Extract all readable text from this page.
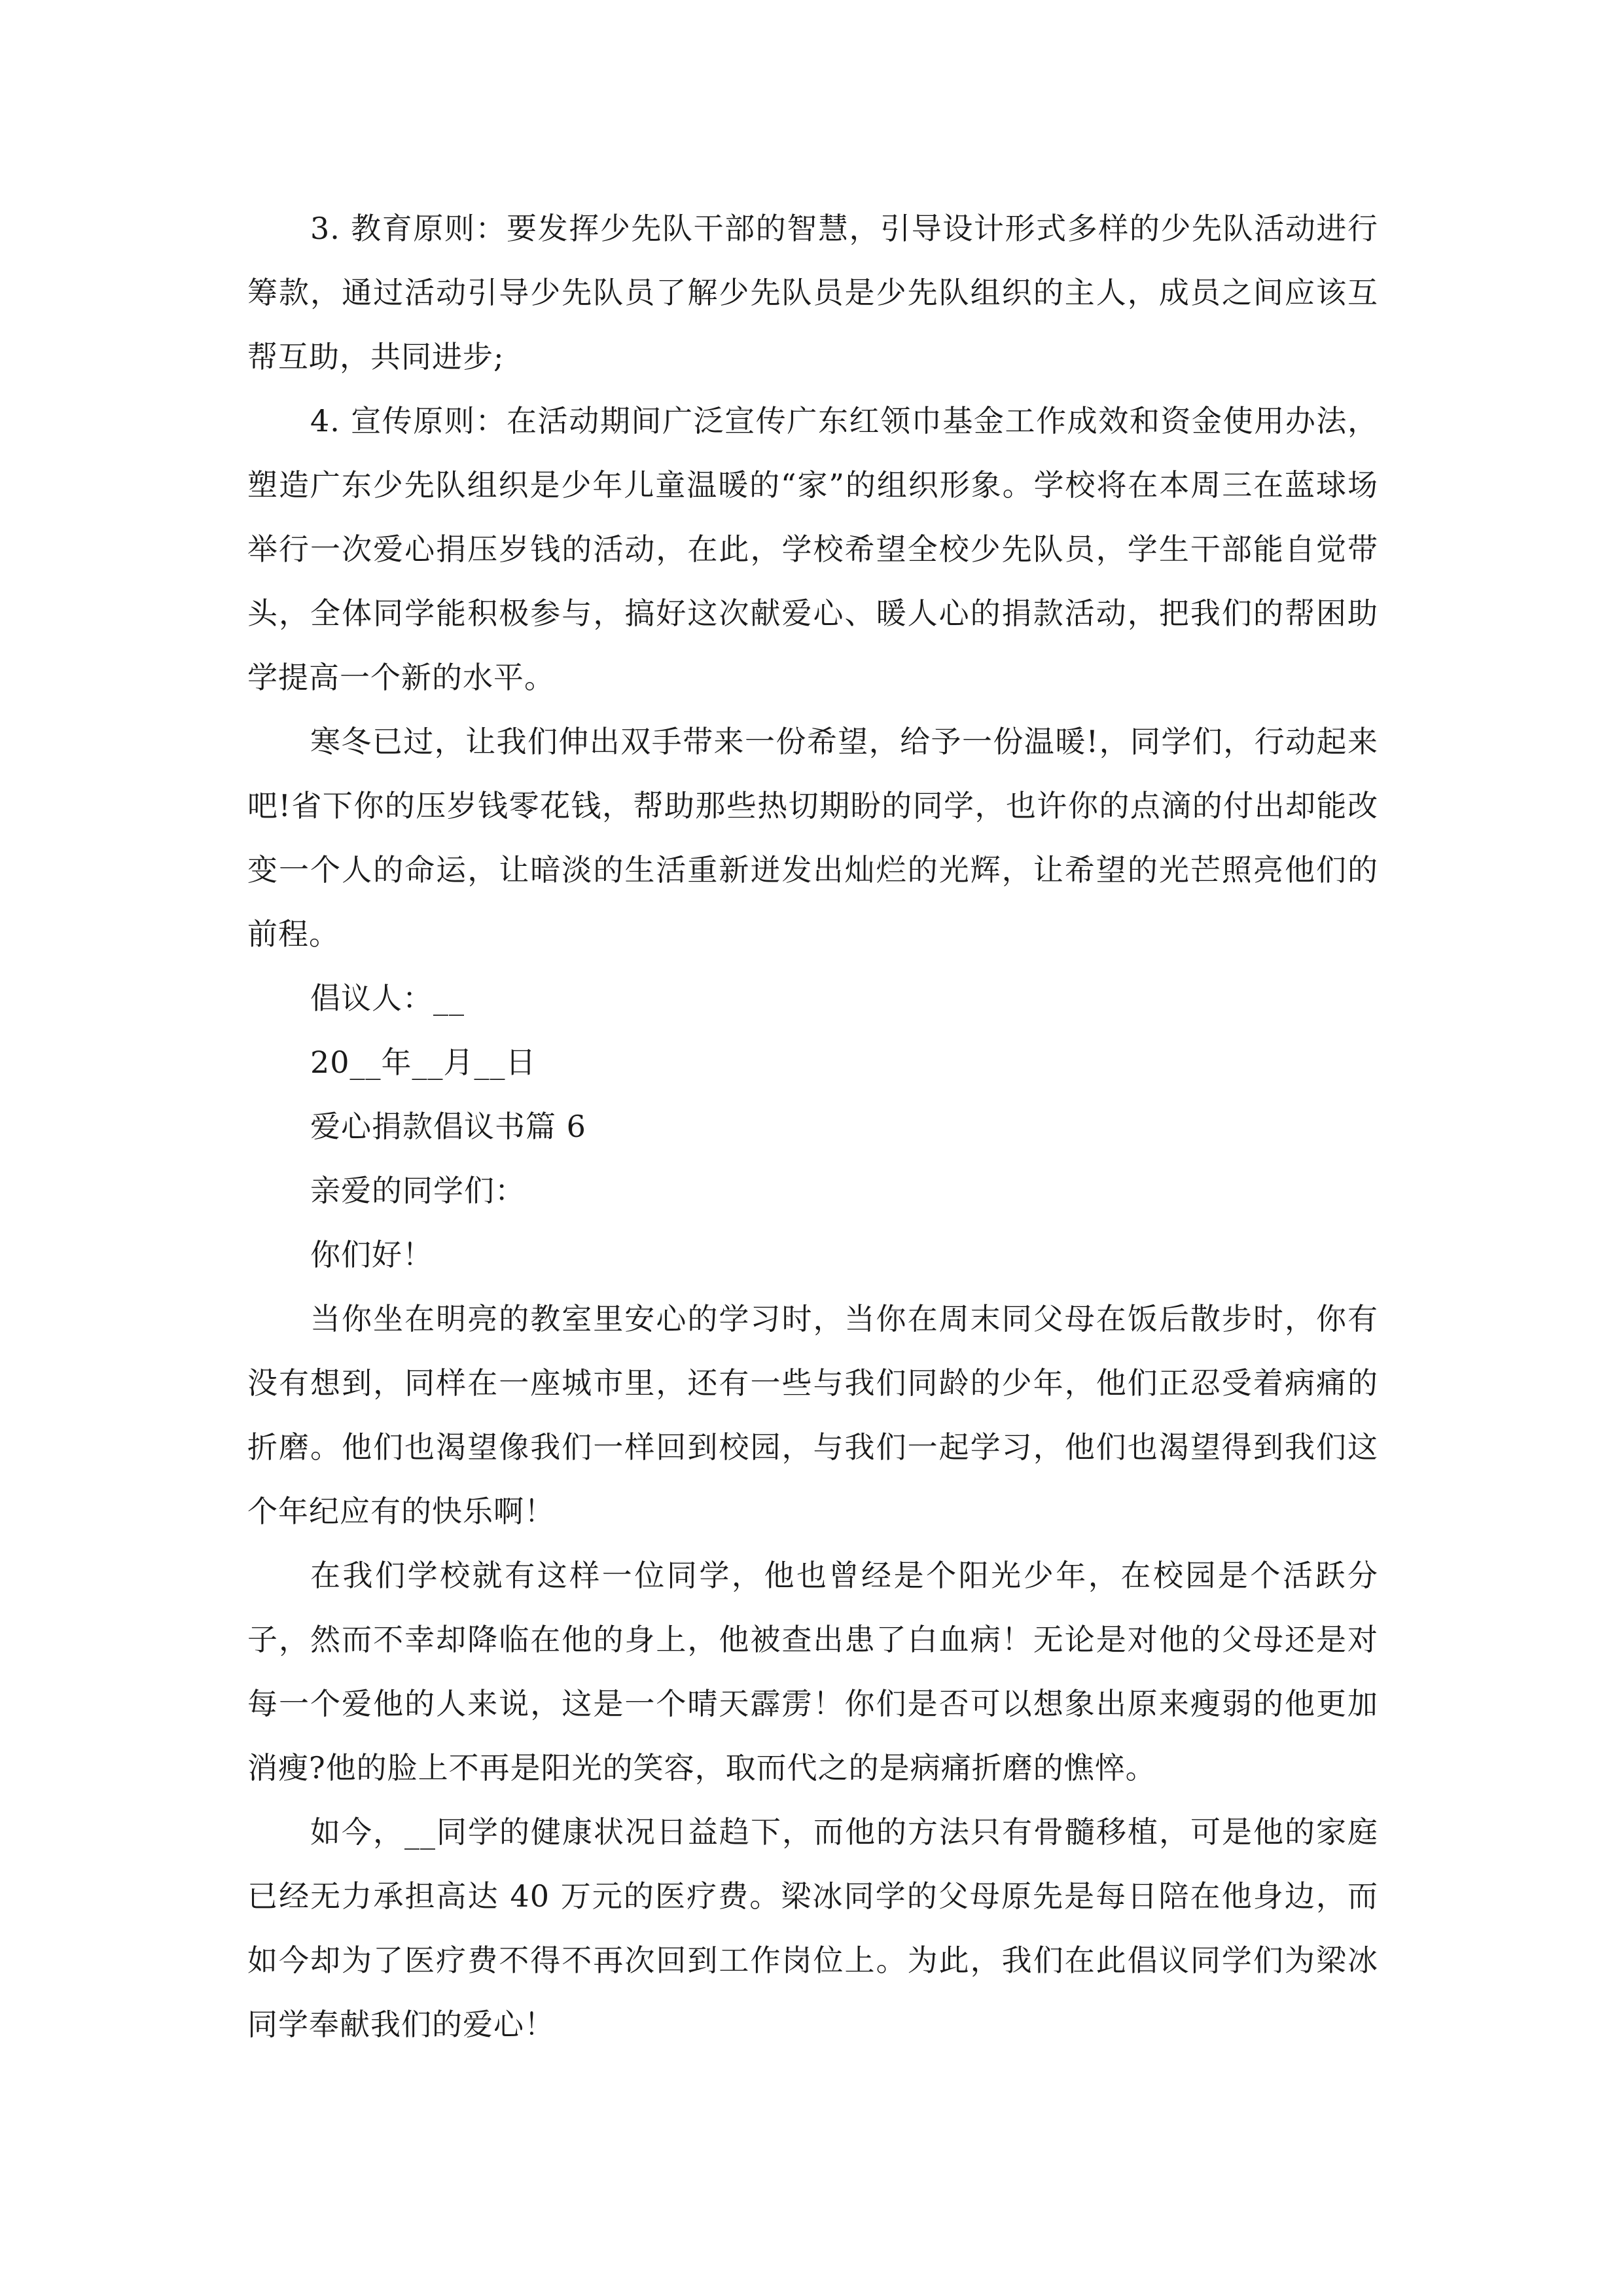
3. 教育原则：要发挥少先队干部的智慧，引导设计形式多样的少先队活动进行筹款，通过活动引导少先队员了解少先队员是少先队组织的主人，成员之间应该互帮互助，共同进步;

4. 宣传原则：在活动期间广泛宣传广东红领巾基金工作成效和资金使用办法，塑造广东少先队组织是少年儿童温暖的“家”的组织形象。学校将在本周三在蓝球场举行一次爱心捐压岁钱的活动，在此，学校希望全校少先队员，学生干部能自觉带头，全体同学能积极参与，搞好这次献爱心、暖人心的捐款活动，把我们的帮困助学提高一个新的水平。

寒冬已过，让我们伸出双手带来一份希望，给予一份温暖!，同学们，行动起来吧!省下你的压岁钱零花钱，帮助那些热切期盼的同学，也许你的点滴的付出却能改变一个人的命运，让暗淡的生活重新迸发出灿烂的光辉，让希望的光芒照亮他们的前程。

倡议人：__

20__年__月__日

爱心捐款倡议书篇 6

亲爱的同学们：

你们好！

当你坐在明亮的教室里安心的学习时，当你在周末同父母在饭后散步时，你有没有想到，同样在一座城市里，还有一些与我们同龄的少年，他们正忍受着病痛的折磨。他们也渴望像我们一样回到校园，与我们一起学习，他们也渴望得到我们这个年纪应有的快乐啊！

在我们学校就有这样一位同学，他也曾经是个阳光少年，在校园是个活跃分子，然而不幸却降临在他的身上，他被查出患了白血病！无论是对他的父母还是对每一个爱他的人来说，这是一个晴天霹雳！你们是否可以想象出原来瘦弱的他更加消瘦?他的脸上不再是阳光的笑容，取而代之的是病痛折磨的憔悴。

如今，__同学的健康状况日益趋下，而他的方法只有骨髓移植，可是他的家庭已经无力承担高达 40 万元的医疗费。梁冰同学的父母原先是每日陪在他身边，而如今却为了医疗费不得不再次回到工作岗位上。为此，我们在此倡议同学们为梁冰同学奉献我们的爱心！
